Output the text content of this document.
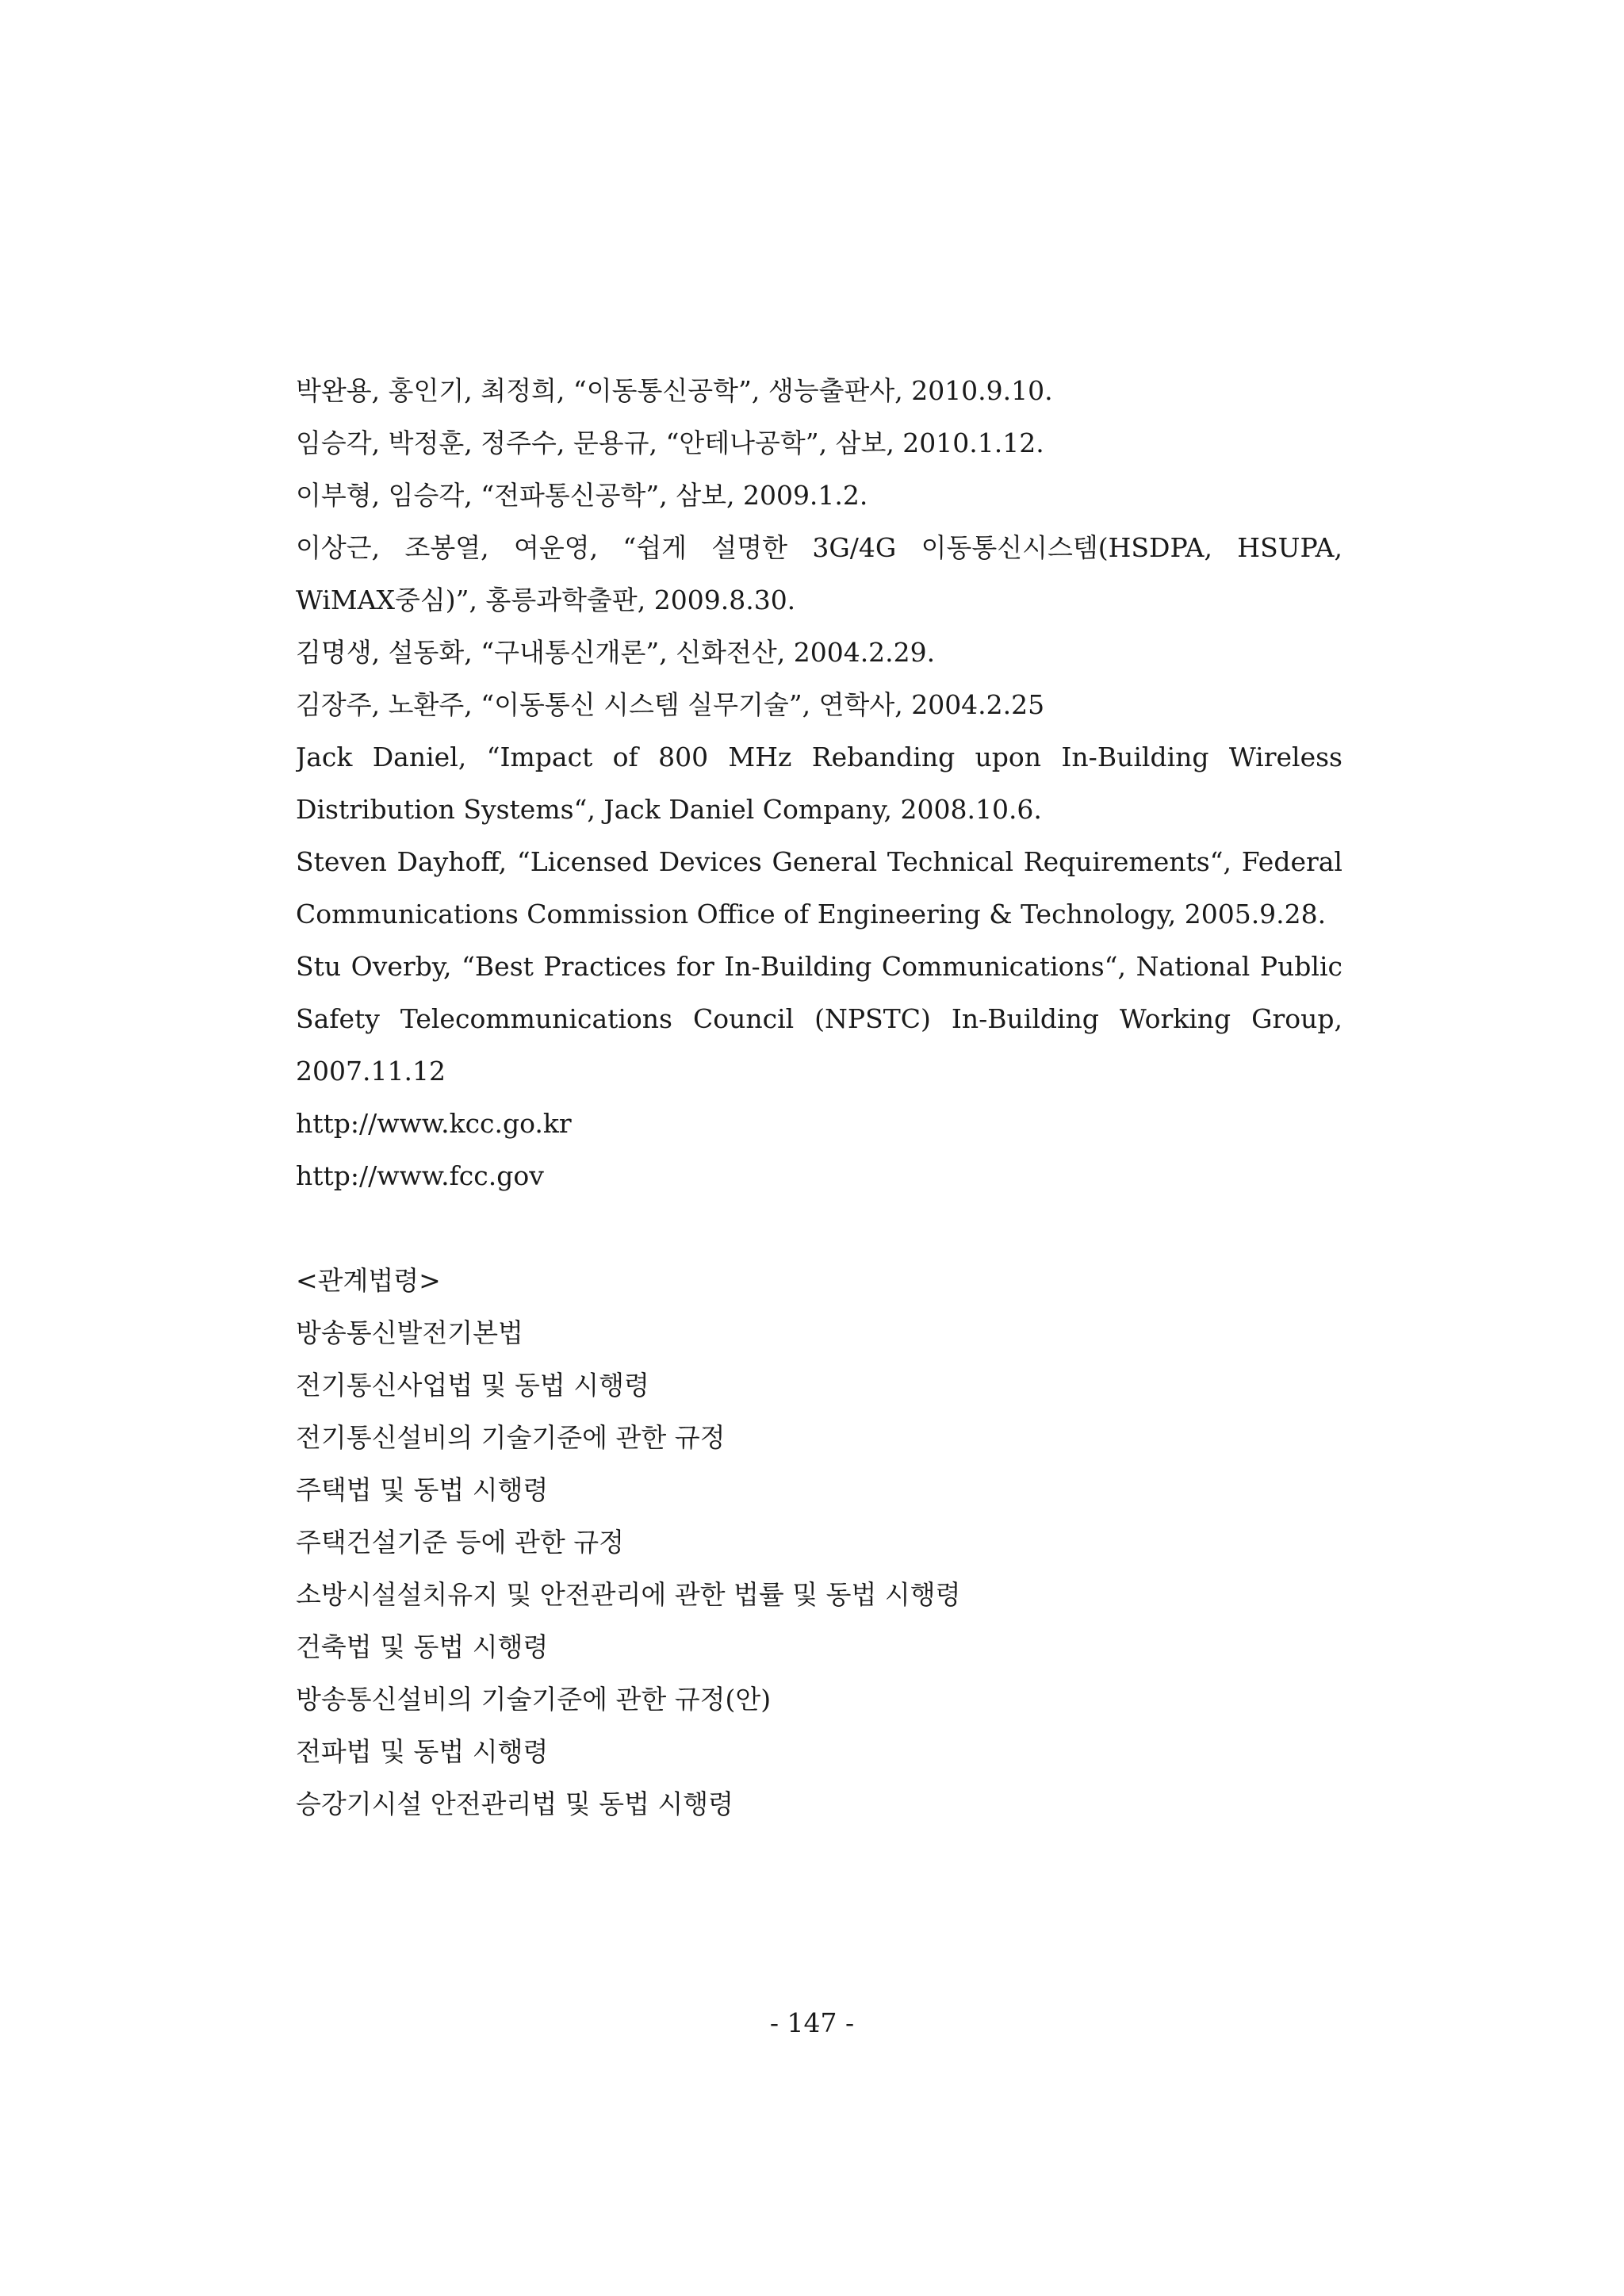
박완용, 홍인기, 최정희, “이동통신공학”, 생능출판사, 2010.9.10.
임승각, 박정훈, 정주수, 문용규, “안테나공학”, 삼보, 2010.1.12.
이부형, 임승각, “전파통신공학”, 삼보, 2009.1.2.
이상근, 조봉열, 여운영, “쉽게 설명한 3G/4G 이동통신시스템(HSDPA, HSUPA,
WiMAX중심)”, 홍릉과학출판, 2009.8.30.
김명생, 설동화, “구내통신개론”, 신화전산, 2004.2.29.
김장주, 노환주, “이동통신 시스템 실무기술”, 연학사, 2004.2.25
Jack Daniel, “Impact of 800 MHz Rebanding upon In‐Building Wireless
Distribution Systems“, Jack Daniel Company, 2008.10.6.
Steven Dayhoff, “Licensed Devices General Technical Requirements“, Federal
Communications Commission Office of Engineering & Technology, 2005.9.28.
Stu Overby, “Best Practices for In-Building Communications“, National Public
Safety Telecommunications Council (NPSTC) In-Building Working Group,
2007.11.12
http://www.kcc.go.kr
http://www.fcc.gov
<관계법령>
방송통신발전기본법
전기통신사업법 및 동법 시행령
전기통신설비의 기술기준에 관한 규정
주택법 및 동법 시행령
주택건설기준 등에 관한 규정
소방시설설치유지 및 안전관리에 관한 법률 및 동법 시행령
건축법 및 동법 시행령
방송통신설비의 기술기준에 관한 규정(안)
전파법 및 동법 시행령
승강기시설 안전관리법 및 동법 시행령
- 147 -
